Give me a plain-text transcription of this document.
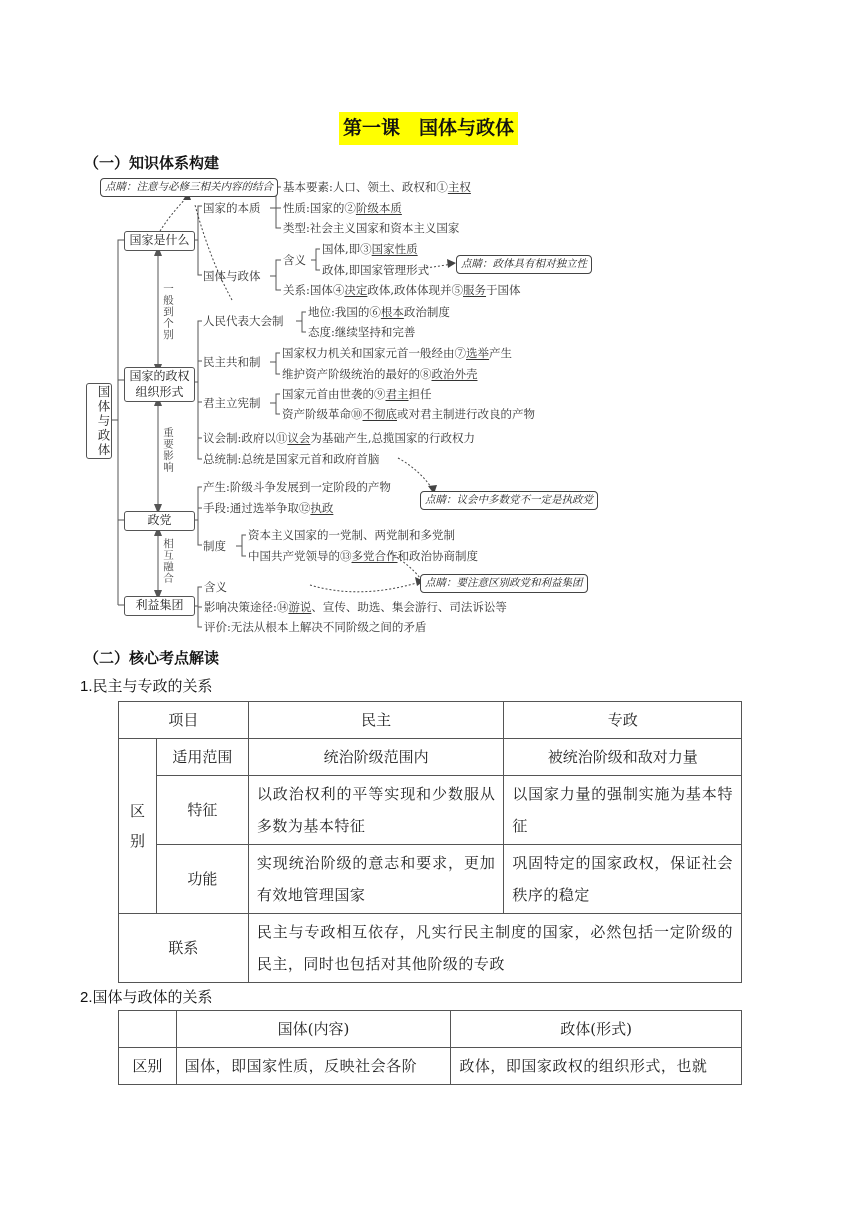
第一课　国体与政体
（一）知识体系构建
国体与政体
国家是什么
国家的政权组织形式
政党
利益集团
一般到个别
重要影响
相互融合
点睛：注意与必修三相关内容的结合
点睛：政体具有相对独立性
点睛：议会中多数党不一定是执政党
点睛：要注意区别政党和利益集团
国家的本质
基本要素:人口、领土、政权和①主权
性质:国家的②阶级本质
类型:社会主义国家和资本主义国家
国体与政体
含义
国体,即③国家性质
政体,即国家管理形式
关系:国体④决定政体,政体体现并⑤服务于国体
人民代表大会制
地位:我国的⑥根本政治制度
态度:继续坚持和完善
民主共和制
国家权力机关和国家元首一般经由⑦选举产生
维护资产阶级统治的最好的⑧政治外壳
君主立宪制
国家元首由世袭的⑨君主担任
资产阶级革命⑩不彻底或对君主制进行改良的产物
议会制:政府以⑪议会为基础产生,总揽国家的行政权力
总统制:总统是国家元首和政府首脑
产生:阶级斗争发展到一定阶段的产物
手段:通过选举争取⑫执政
制度
资本主义国家的一党制、两党制和多党制
中国共产党领导的⑬多党合作和政治协商制度
含义
影响决策途径:⑭游说、宣传、助选、集会游行、司法诉讼等
评价:无法从根本上解决不同阶级之间的矛盾
（二）核心考点解读
1.民主与专政的关系
项目		民主	专政
区别	适用范围	统治阶级范围内	被统治阶级和敌对力量
	特征	以政治权利的平等实现和少数服从多数为基本特征	以国家力量的强制实施为基本特征
	功能	实现统治阶级的意志和要求，更加有效地管理国家	巩固特定的国家政权，保证社会秩序的稳定
联系		民主与专政相互依存，凡实行民主制度的国家，必然包括一定阶级的民主，同时也包括对其他阶级的专政	
2.国体与政体的关系
	国体(内容)	政体(形式)
区别	国体，即国家性质，反映社会各阶	政体，即国家政权的组织形式，也就
